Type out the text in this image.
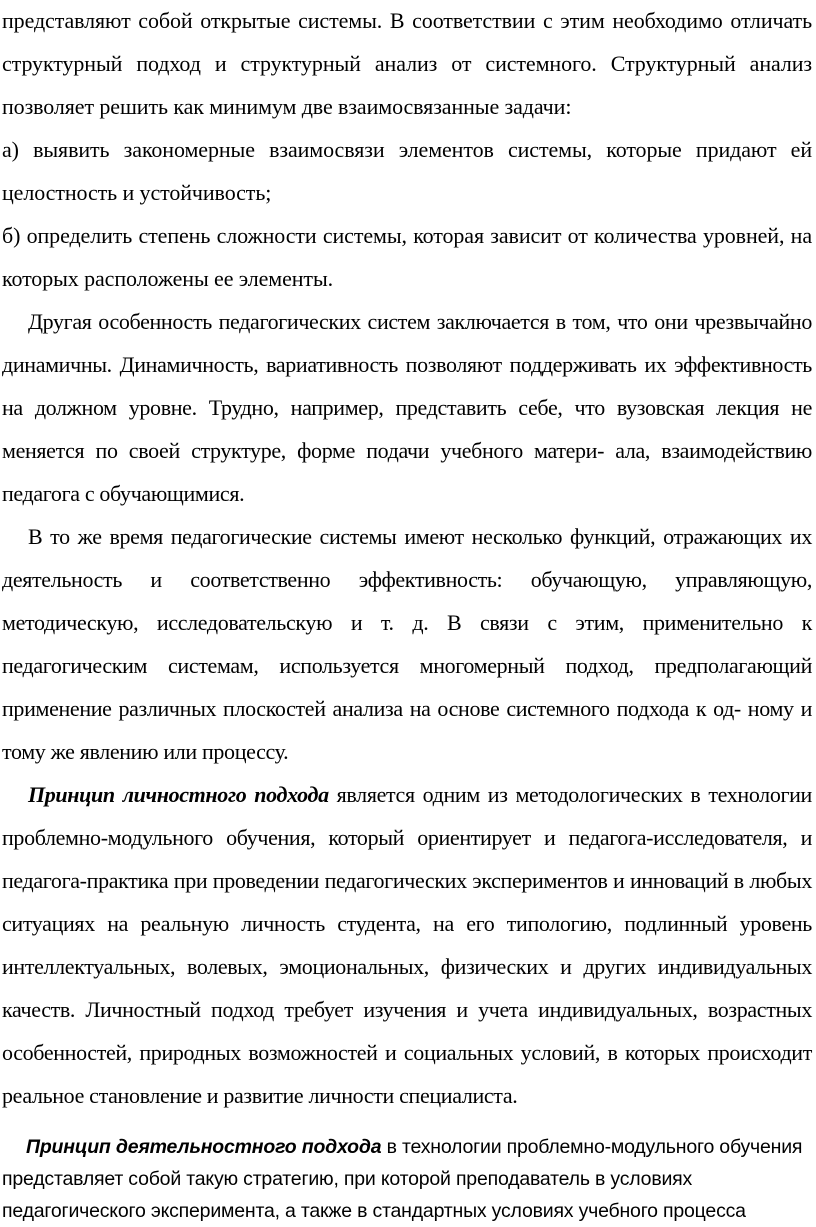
представляют собой открытые системы. В соответствии с этим необходимо отличать структурный подход и структурный анализ от системного. Структурный анализ позволяет решить как минимум две взаимосвязанные задачи:

а) выявить закономерные взаимосвязи элементов системы, которые придают ей целостность и устойчивость;

б) определить степень сложности системы, которая зависит от количества уровней, на которых расположены ее элементы.

Другая особенность педагогических систем заключается в том, что они чрезвычайно динамичны. Динамичность, вариативность позволяют поддерживать их эффективность на должном уровне. Трудно, например, представить себе, что вузовская лекция не меняется по своей структуре, форме подачи учебного матери- ала, взаимодействию педагога с обучающимися.

В то же время педагогические системы имеют несколько функций, отражающих их деятельность и соответственно эффективность: обучающую, управляющую, методическую, исследовательскую и т. д. В связи с этим, применительно к педагогическим системам, используется многомерный подход, предполагающий применение различных плоскостей анализа на основе системного подхода к од- ному и тому же явлению или процессу.

Принцип личностного подхода является одним из методологических в технологии проблемно-модульного обучения, который ориентирует и педагога-исследователя, и педагога-практика при проведении педагогических экспериментов и инноваций в любых ситуациях на реальную личность студента, на его типологию, подлинный уровень интеллектуальных, волевых, эмоциональных, физических и других индивидуальных качеств. Личностный подход требует изучения и учета индивидуальных, возрастных особенностей, природных возможностей и социальных условий, в которых происходит реальное становление и развитие личности специалиста.

Принцип деятельностного подхода в технологии проблемно-модульного обучения представляет собой такую стратегию, при которой преподаватель в условиях педагогического эксперимента, а также в стандартных условиях учебного процесса
